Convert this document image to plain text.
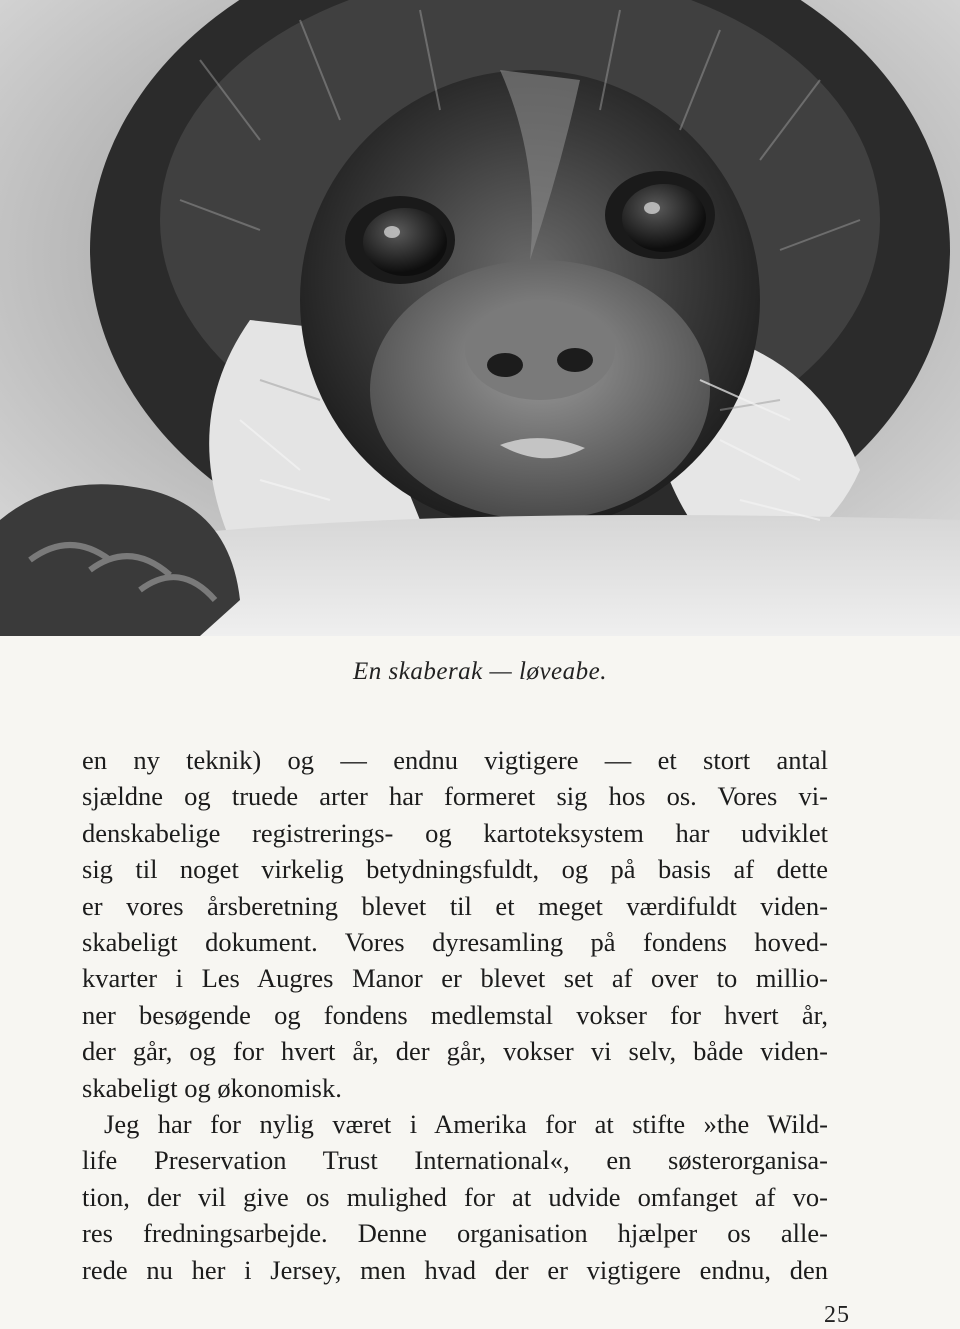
En skaberak — løveabe.

en ny teknik) og — endnu vigtigere — et stort antal
sjældne og truede arter har formeret sig hos os. Vores vi-
denskabelige registrerings- og kartoteksystem har udviklet
sig til noget virkelig betydningsfuldt, og på basis af dette
er vores årsberetning blevet til et meget værdifuldt viden-
skabeligt dokument. Vores dyresamling på fondens hoved-
kvarter i Les Augres Manor er blevet set af over to millio-
ner besøgende og fondens medlemstal vokser for hvert år,
der går, og for hvert år, der går, vokser vi selv, både viden-
skabeligt og økonomisk.

Jeg har for nylig været i Amerika for at stifte »the Wild-
life Preservation Trust International«, en søsterorganisa-
tion, der vil give os mulighed for at udvide omfanget af vo-
res fredningsarbejde. Denne organisation hjælper os alle-
rede nu her i Jersey, men hvad der er vigtigere endnu, den

25
